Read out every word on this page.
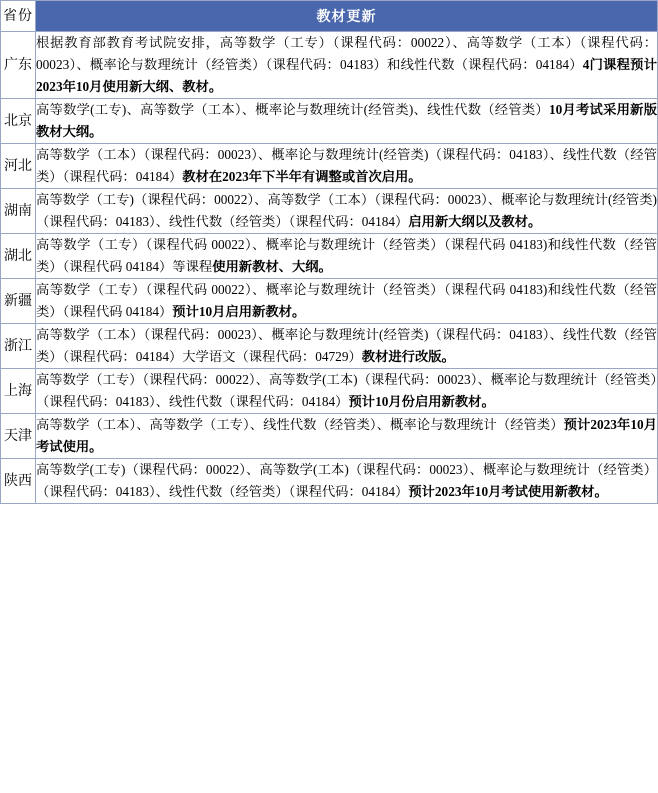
省份	教材更新
广东	根据教育部教育考试院安排，高等数学（工专）（课程代码：00022）、高等数学（工本）（课程代码：00023）、概率论与数理统计（经管类）（课程代码：04183）和线性代数（课程代码：04184）4门课程预计2023年10月使用新大纲、教材。
北京	高等数学(工专)、高等数学（工本）、概率论与数理统计(经管类)、线性代数（经管类）10月考试采用新版教材大纲。
河北	高等数学（工本）（课程代码：00023）、概率论与数理统计(经管类)（课程代码：04183）、线性代数（经管类）（课程代码：04184）教材在2023年下半年有调整或首次启用。
湖南	高等数学（工专)（课程代码：00022）、高等数学（工本）（课程代码：00023）、概率论与数理统计(经管类)（课程代码：04183）、线性代数（经管类）（课程代码：04184）启用新大纲以及教材。
湖北	高等数学（工专）（课程代码 00022）、概率论与数理统计（经管类）（课程代码 04183)和线性代数（经管类）（课程代码 04184）等课程使用新教材、大纲。
新疆	高等数学（工专）（课程代码 00022）、概率论与数理统计（经管类）（课程代码 04183)和线性代数（经管类）（课程代码 04184）预计10月启用新教材。
浙江	高等数学（工本）（课程代码：00023）、概率论与数理统计(经管类)（课程代码：04183）、线性代数（经管类）（课程代码：04184）大学语文（课程代码：04729）教材进行改版。
上海	高等数学（工专）（课程代码：00022）、高等数学(工本)（课程代码：00023）、概率论与数理统计（经管类）（课程代码：04183）、线性代数（课程代码：04184）预计10月份启用新教材。
天津	高等数学（工本）、高等数学（工专）、线性代数（经管类）、概率论与数理统计（经管类）预计2023年10月考试使用。
陕西	高等数学(工专)（课程代码：00022）、高等数学(工本)（课程代码：00023）、概率论与数理统计（经管类）（课程代码：04183）、线性代数（经管类）（课程代码：04184）预计2023年10月考试使用新教材。
